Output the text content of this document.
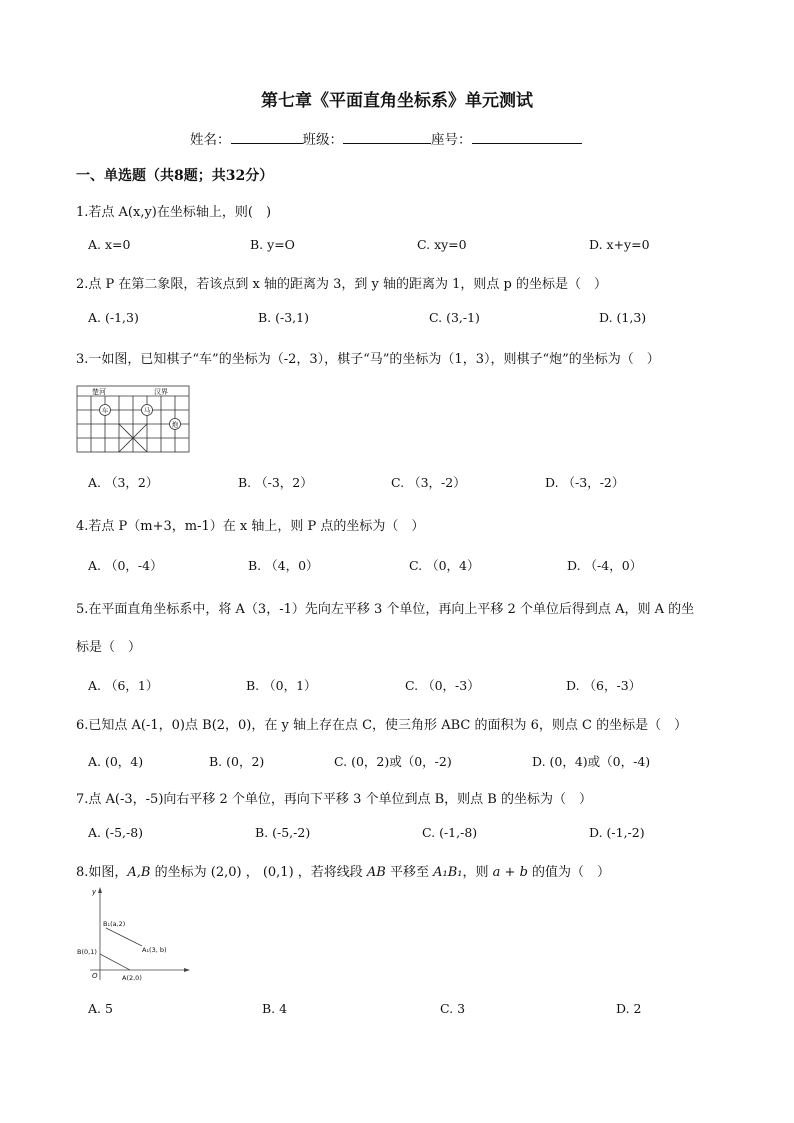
第七章《平面直角坐标系》单元测试
姓名：	班级：	座号：
一、单选题（共8题；共32分）
1.若点 A(x,y)在坐标轴上，则(　)
A. x=0	B. y=O	C. xy=0	D. x+y=0
2.点 P 在第二象限，若该点到 x 轴的距离为 3，到 y 轴的距离为 1，则点 p 的坐标是（　）
A. (-1,3)	B. (-3,1)	C. (3,-1)	D. (1,3)
3.一如图，已知棋子“车”的坐标为（-2，3），棋子“马”的坐标为（1，3），则棋子“炮”的坐标为（　）
楚河	汉界
车	马
炮
A. （3，2）	B. （-3，2）	C. （3，-2）	D. （-3，-2）
4.若点 P（m+3，m-1）在 x 轴上，则 P 点的坐标为（　）
A. （0，-4）	B. （4，0）	C. （0，4）	D. （-4，0）
5.在平面直角坐标系中，将 A（3，-1）先向左平移 3 个单位，再向上平移 2 个单位后得到点 A，则 A 的坐
标是（　）
A. （6，1）	B. （0，1）	C. （0，-3）	D. （6，-3）
6.已知点 A(-1，0)点 B(2，0)，在 y 轴上存在点 C，使三角形 ABC 的面积为 6，则点 C 的坐标是（　）
A. (0，4)	B. (0，2)	C. (0，2)或（0，-2)	D. (0，4)或（0，-4)
7.点 A(-3，-5)向右平移 2 个单位，再向下平移 3 个单位到点 B，则点 B 的坐标为（　）
A. (-5,-8)	B. (-5,-2)	C. (-1,-8)	D. (-1,-2)
8.如图，A,B 的坐标为 (2,0) ， (0,1) ，若将线段 AB 平移至 A₁B₁，则 a + b 的值为（　）
y
O
B(0,1)
A(2,0)
B₁(a,2)
A₁(3, b)
A. 5	B. 4	C. 3	D. 2
